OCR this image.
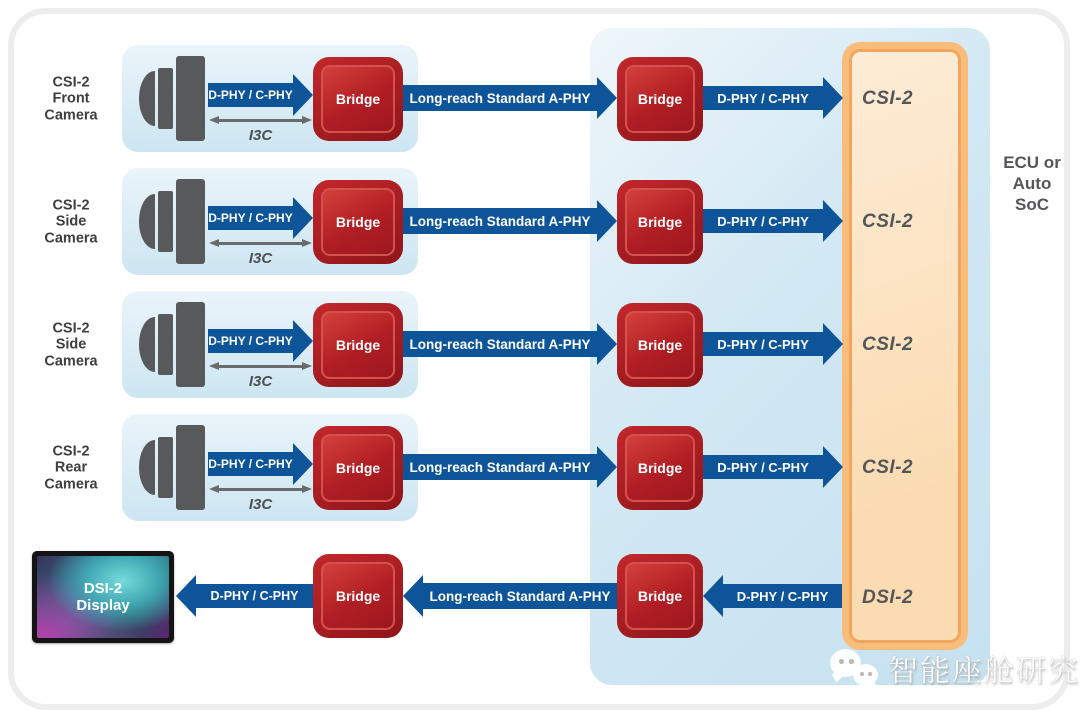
ECU or
Auto
SoC
CSI-2
Front
Camera
D-PHY / C-PHY
I3C
Bridge Long-reach Standard A-PHY	Bridge	D-PHY / C-PHY	CSI-2
CSI-2
Side
Camera
D-PHY / C-PHY
I3C
Bridge Long-reach Standard A-PHY	Bridge	D-PHY / C-PHY	CSI-2
CSI-2
Side
Camera
D-PHY / C-PHY
I3C
Bridge Long-reach Standard A-PHY	Bridge	D-PHY / C-PHY	CSI-2
CSI-2
Rear
Camera
D-PHY / C-PHY
I3C
Bridge Long-reach Standard A-PHY	Bridge	D-PHY / C-PHY	CSI-2
DSI-2
Display
D-PHY / C-PHY	Bridge	Long-reach Standard A-PHY Bridge	D-PHY / C-PHY DSI-2
智能座舱研究
